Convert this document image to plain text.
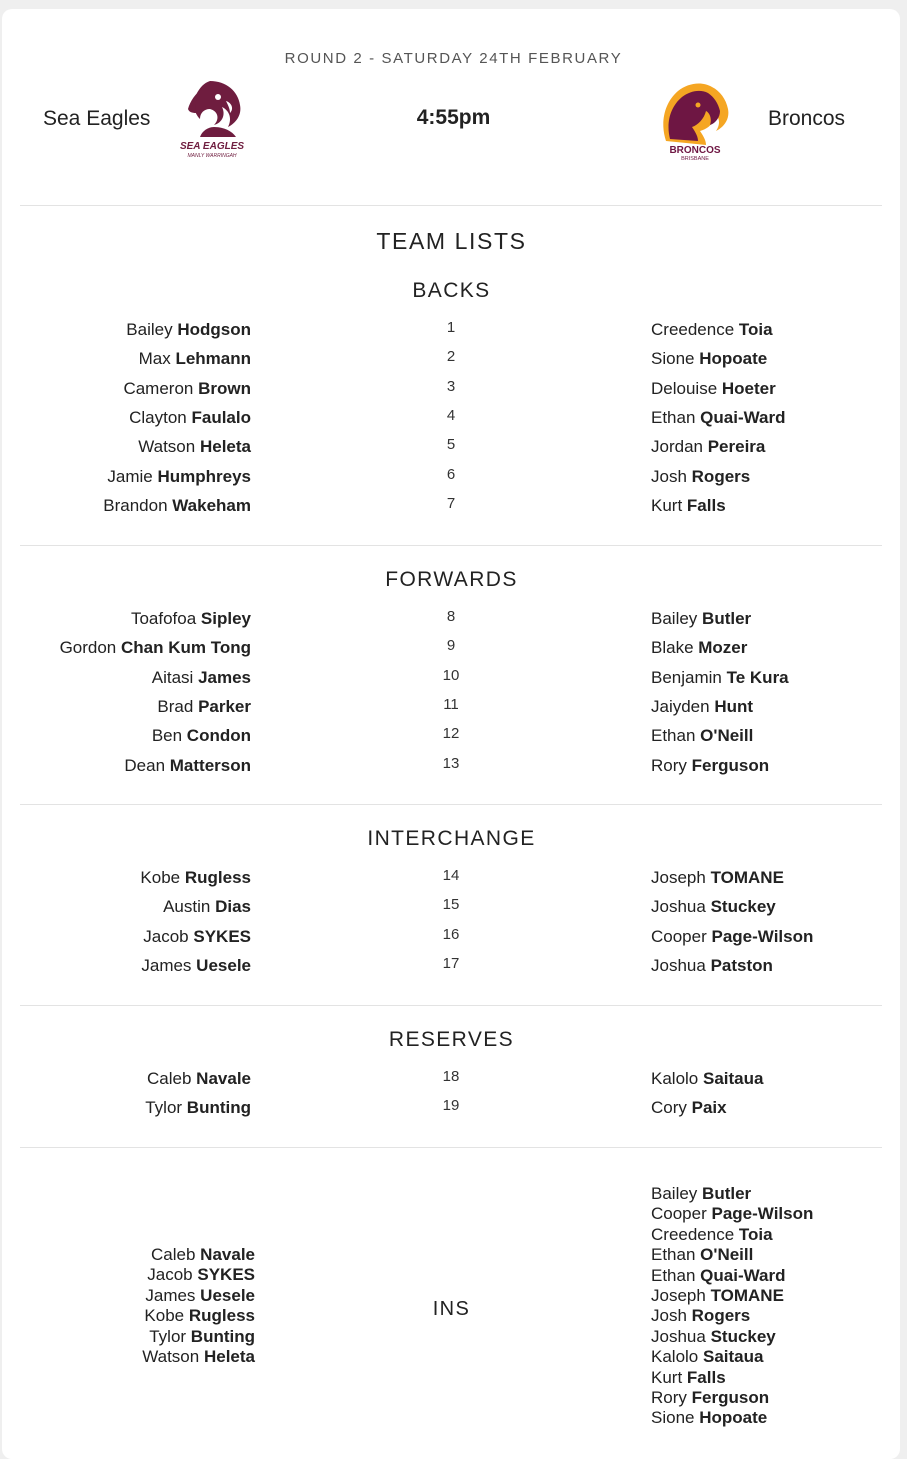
ROUND 2 - SATURDAY 24TH FEBRUARY
Sea Eagles
SEA EAGLES
MANLY WARRINGAH
4:55pm
BRONCOS
BRISBANE
Broncos
TEAM LISTS
BACKS
Bailey Hodgson	1	Creedence Toia
Max Lehmann	2	Sione Hopoate
Cameron Brown	3	Delouise Hoeter
Clayton Faulalo	4	Ethan Quai-Ward
Watson Heleta	5	Jordan Pereira
Jamie Humphreys	6	Josh Rogers
Brandon Wakeham	7	Kurt Falls
FORWARDS
Toafofoa Sipley	8	Bailey Butler
Gordon Chan Kum Tong	9	Blake Mozer
Aitasi James	10	Benjamin Te Kura
Brad Parker	11	Jaiyden Hunt
Ben Condon	12	Ethan O'Neill
Dean Matterson	13	Rory Ferguson
INTERCHANGE
Kobe Rugless	14	Joseph TOMANE
Austin Dias	15	Joshua Stuckey
Jacob SYKES	16	Cooper Page-Wilson
James Uesele	17	Joshua Patston
RESERVES
Caleb Navale	18	Kalolo Saitaua
Tylor Bunting	19	Cory Paix
Caleb Navale
Jacob SYKES
James Uesele
Kobe Rugless
Tylor Bunting
Watson Heleta
INS
Bailey Butler
Cooper Page-Wilson
Creedence Toia
Ethan O'Neill
Ethan Quai-Ward
Joseph TOMANE
Josh Rogers
Joshua Stuckey
Kalolo Saitaua
Kurt Falls
Rory Ferguson
Sione Hopoate
